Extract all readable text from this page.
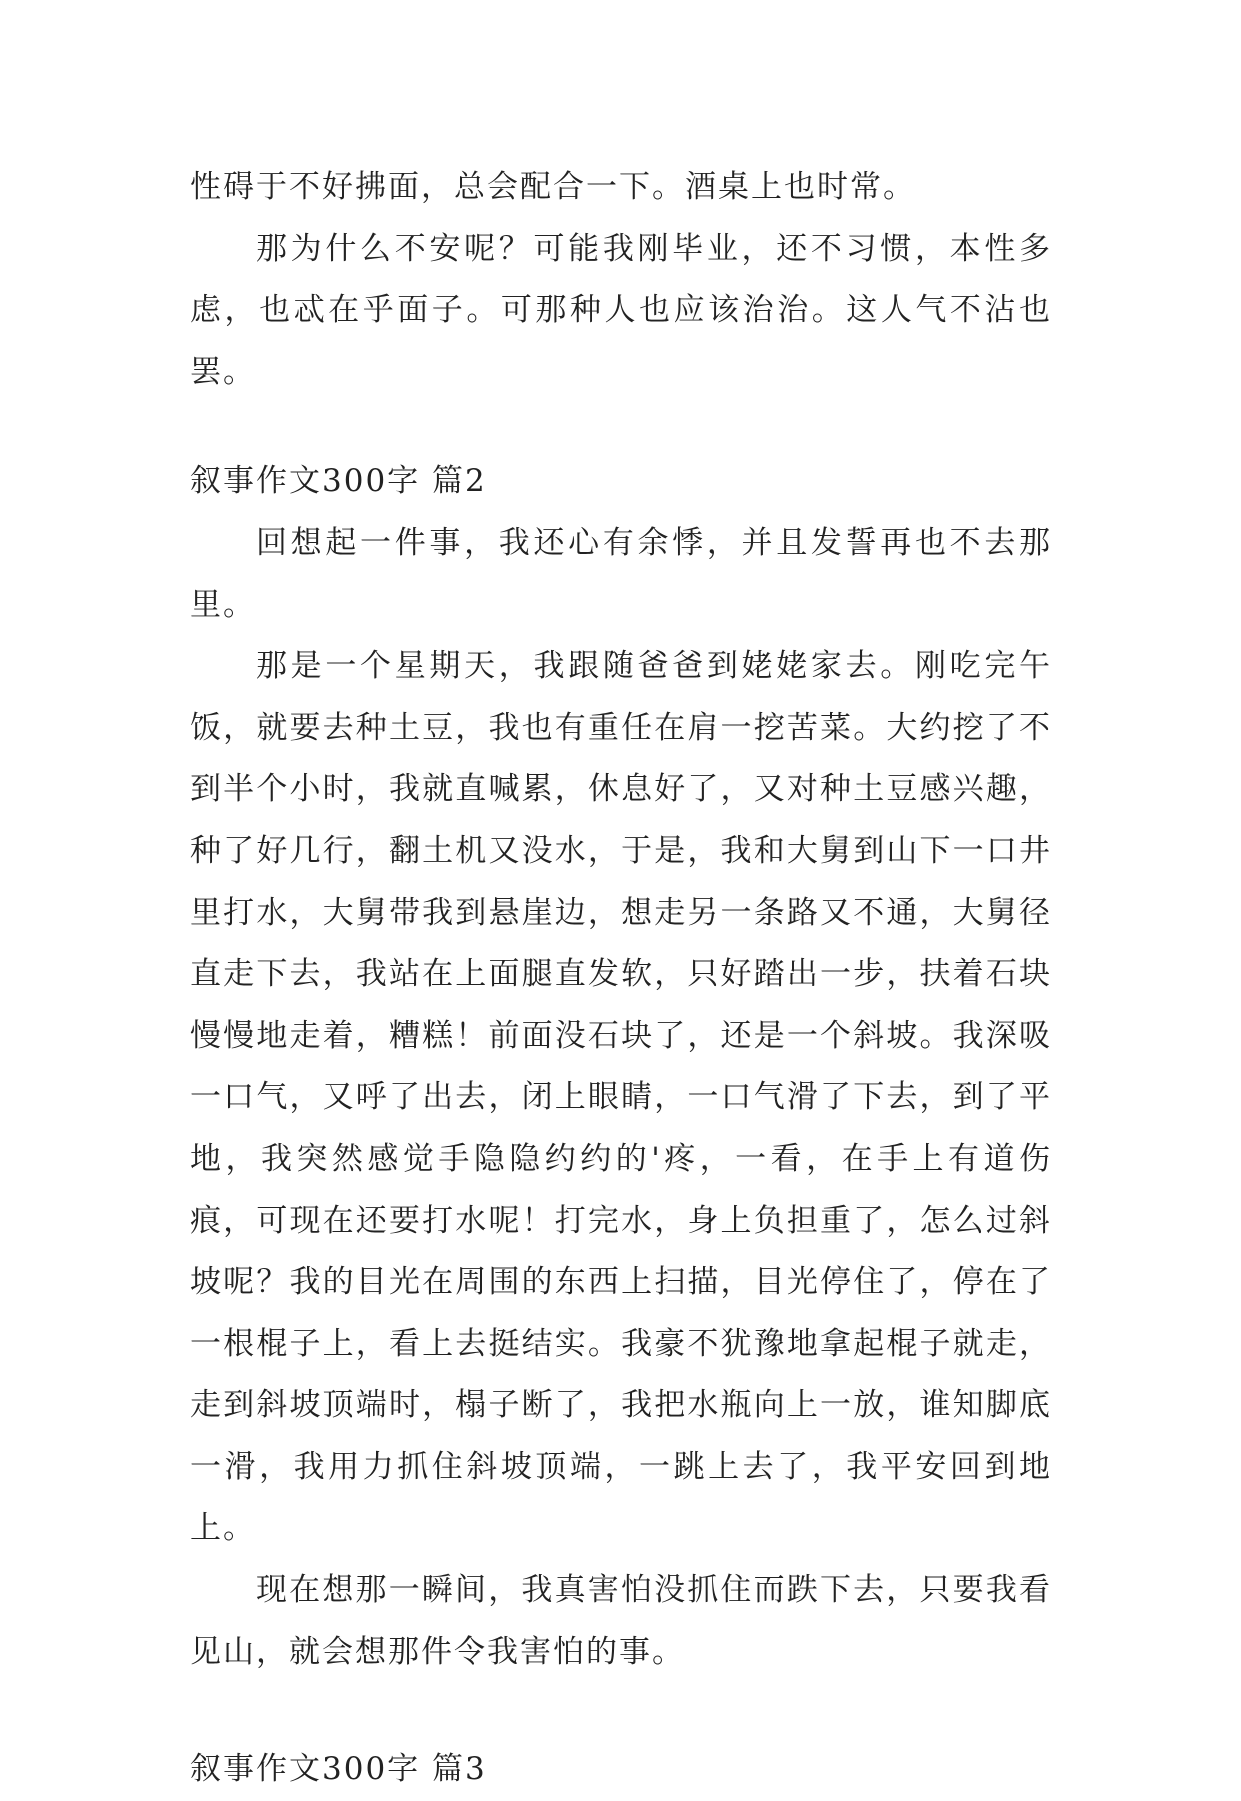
性碍于不好拂面，总会配合一下。酒桌上也时常。

那为什么不安呢？可能我刚毕业，还不习惯，本性多虑，也忒在乎面子。可那种人也应该治治。这人气不沾也罢。

叙事作文300字 篇2

回想起一件事，我还心有余悸，并且发誓再也不去那里。

那是一个星期天，我跟随爸爸到姥姥家去。刚吃完午饭，就要去种土豆，我也有重任在肩一挖苦菜。大约挖了不到半个小时，我就直喊累，休息好了，又对种土豆感兴趣，种了好几行，翻土机又没水，于是，我和大舅到山下一口井里打水，大舅带我到悬崖边，想走另一条路又不通，大舅径直走下去，我站在上面腿直发软，只好踏出一步，扶着石块慢慢地走着，糟糕！前面没石块了，还是一个斜坡。我深吸一口气，又呼了出去，闭上眼睛，一口气滑了下去，到了平地，我突然感觉手隐隐约约的'疼，一看，在手上有道伤痕，可现在还要打水呢！打完水，身上负担重了，怎么过斜坡呢？我的目光在周围的东西上扫描，目光停住了，停在了一根棍子上，看上去挺结实。我豪不犹豫地拿起棍子就走，走到斜坡顶端时，榻子断了，我把水瓶向上一放，谁知脚底一滑，我用力抓住斜坡顶端，一跳上去了，我平安回到地上。

现在想那一瞬间，我真害怕没抓住而跌下去，只要我看见山，就会想那件令我害怕的事。

叙事作文300字 篇3
